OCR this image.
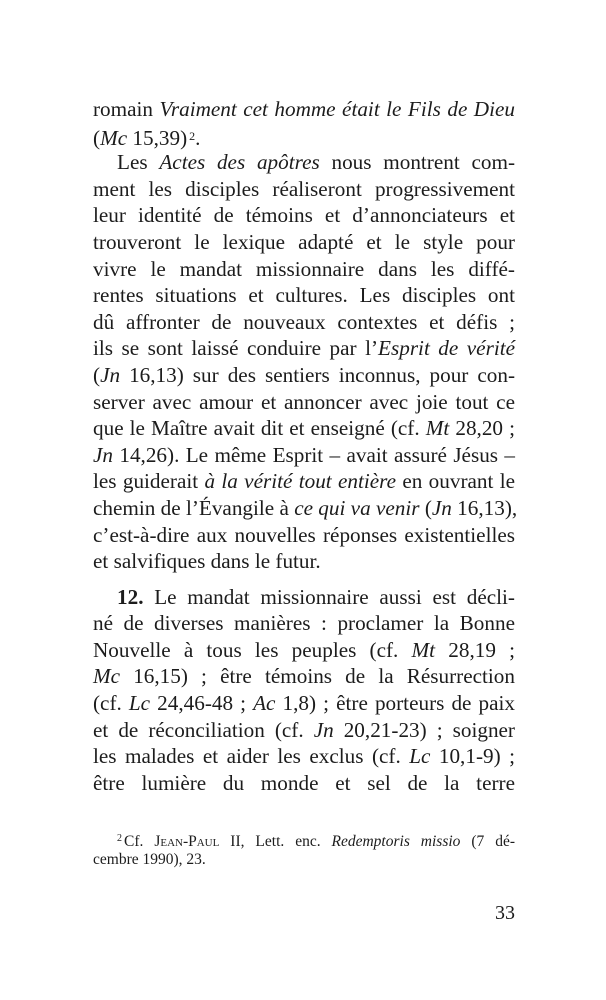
romain Vraiment cet homme était le Fils de Dieu
(Mc 15,39) $^2$.
Les Actes des apôtres nous montrent com-
ment les disciples réaliseront progressivement
leur identité de témoins et d’annonciateurs et
trouveront le lexique adapté et le style pour
vivre le mandat missionnaire dans les diffé-
rentes situations et cultures. Les disciples ont
dû affronter de nouveaux contextes et défis ;
ils se sont laissé conduire par l’Esprit de vérité
(Jn 16,13) sur des sentiers inconnus, pour con-
server avec amour et annoncer avec joie tout ce
que le Maître avait dit et enseigné (cf. Mt 28,20 ;
Jn 14,26). Le même Esprit – avait assuré Jésus –
les guiderait à la vérité tout entière en ouvrant le
chemin de l’Évangile à ce qui va venir (Jn 16,13),
c’est-à-dire aux nouvelles réponses existentielles
et salvifiques dans le futur.
12. Le mandat missionnaire aussi est décli-
né de diverses manières : proclamer la Bonne
Nouvelle à tous les peuples (cf. Mt 28,19 ;
Mc 16,15) ; être témoins de la Résurrection
(cf. Lc 24,46-48 ; Ac 1,8) ; être porteurs de paix
et de réconciliation (cf. Jn 20,21-23) ; soigner
les malades et aider les exclus (cf. Lc 10,1-9) ;
être lumière du monde et sel de la terre
$^2$ Cf. Jean-Paul II, Lett. enc. Redemptoris missio (7 dé-
cembre 1990), 23.
33
